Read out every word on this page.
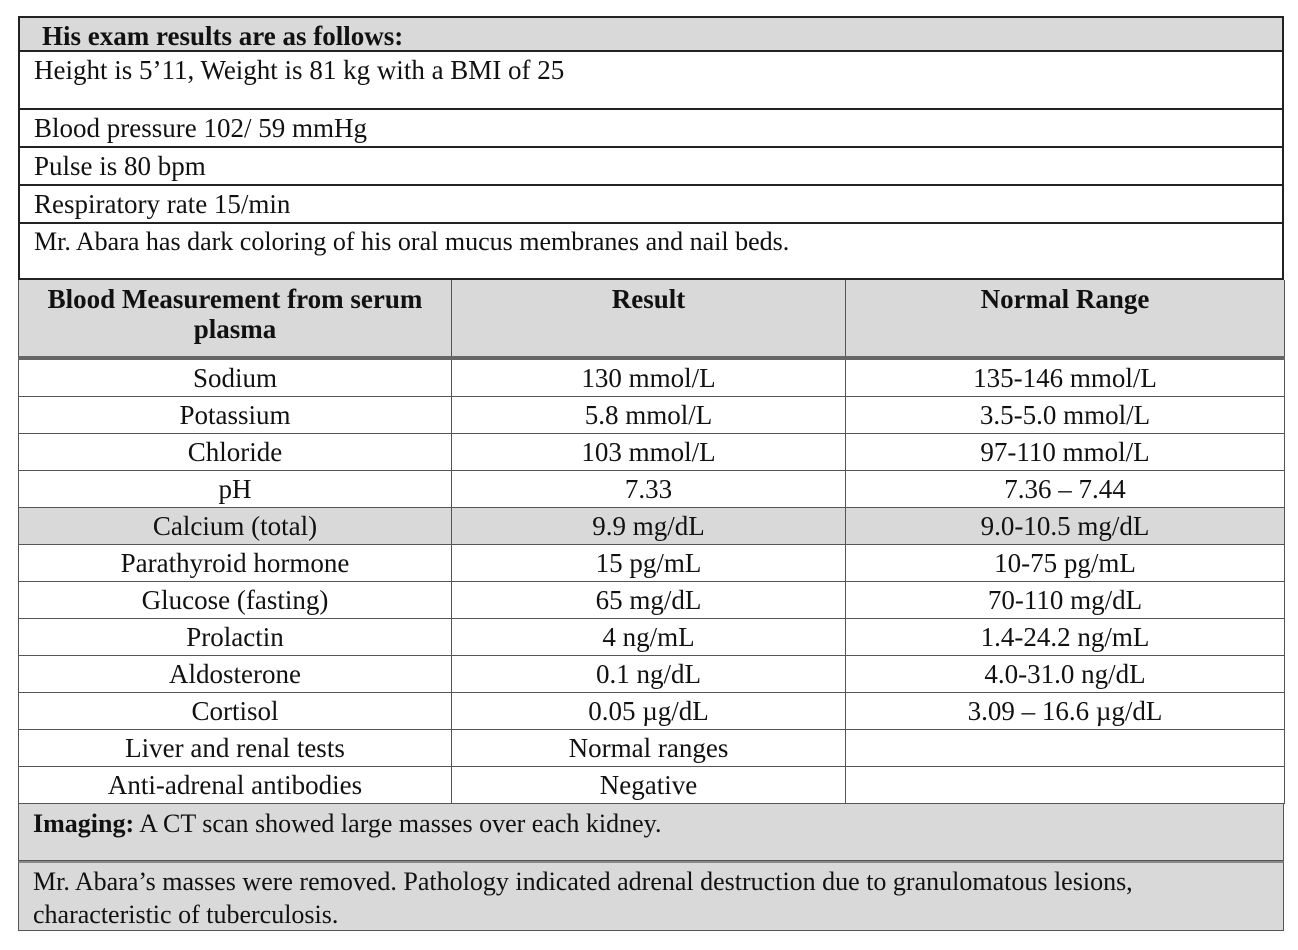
His exam results are as follows:
Height is 5’11, Weight is 81 kg with a BMI of 25
Blood pressure 102/ 59 mmHg
Pulse is 80 bpm
Respiratory rate 15/min
Mr. Abara has dark coloring of his oral mucus membranes and nail beds.
Blood Measurement from serum plasma	Result	Normal Range
Sodium	130 mmol/L	135-146 mmol/L
Potassium	5.8 mmol/L	3.5-5.0 mmol/L
Chloride	103 mmol/L	97-110 mmol/L
pH	7.33	7.36 – 7.44
Calcium (total)	9.9 mg/dL	9.0-10.5 mg/dL
Parathyroid hormone	15 pg/mL	10-75 pg/mL
Glucose (fasting)	65 mg/dL	70-110 mg/dL
Prolactin	4 ng/mL	1.4-24.2 ng/mL
Aldosterone	0.1 ng/dL	4.0-31.0 ng/dL
Cortisol	0.05 µg/dL	3.09 – 16.6 µg/dL
Liver and renal tests	Normal ranges	
Anti-adrenal antibodies	Negative	
Imaging: A CT scan showed large masses over each kidney.
Mr. Abara’s masses were removed. Pathology indicated adrenal destruction due to granulomatous lesions, characteristic of tuberculosis.
